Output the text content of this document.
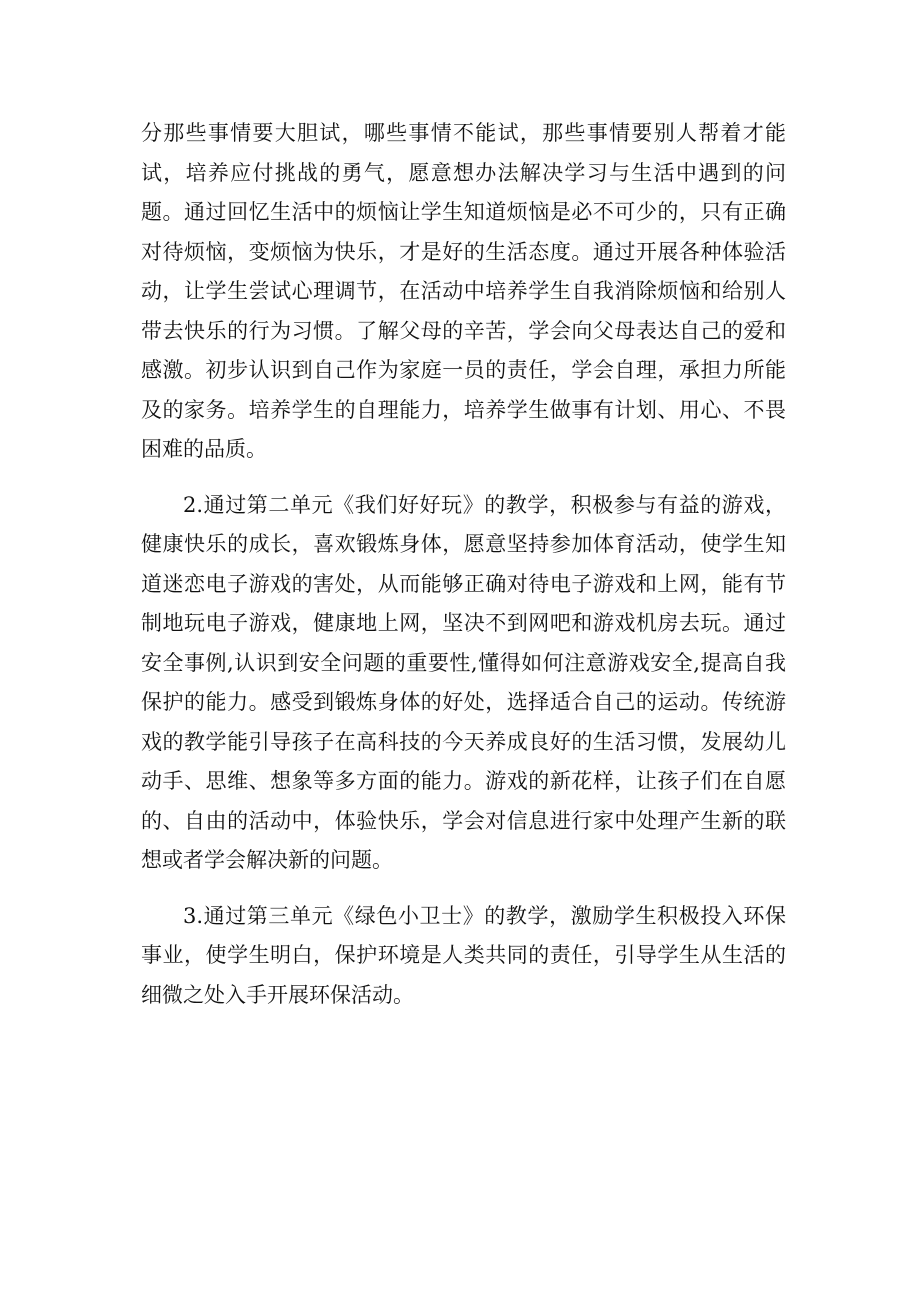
分那些事情要大胆试，哪些事情不能试，那些事情要别人帮着才能试，培养应付挑战的勇气，愿意想办法解决学习与生活中遇到的问题。通过回忆生活中的烦恼让学生知道烦恼是必不可少的，只有正确对待烦恼，变烦恼为快乐，才是好的生活态度。通过开展各种体验活动，让学生尝试心理调节，在活动中培养学生自我消除烦恼和给别人带去快乐的行为习惯。了解父母的辛苦，学会向父母表达自己的爱和感激。初步认识到自己作为家庭一员的责任，学会自理，承担力所能及的家务。培养学生的自理能力，培养学生做事有计划、用心、不畏困难的品质。

2.通过第二单元《我们好好玩》的教学，积极参与有益的游戏，健康快乐的成长，喜欢锻炼身体，愿意坚持参加体育活动，使学生知道迷恋电子游戏的害处，从而能够正确对待电子游戏和上网，能有节制地玩电子游戏，健康地上网，坚决不到网吧和游戏机房去玩。通过安全事例,认识到安全问题的重要性,懂得如何注意游戏安全,提高自我保护的能力。感受到锻炼身体的好处，选择适合自己的运动。传统游戏的教学能引导孩子在高科技的今天养成良好的生活习惯，发展幼儿动手、思维、想象等多方面的能力。游戏的新花样，让孩子们在自愿的、自由的活动中，体验快乐，学会对信息进行家中处理产生新的联想或者学会解决新的问题。

3.通过第三单元《绿色小卫士》的教学，激励学生积极投入环保事业，使学生明白，保护环境是人类共同的责任，引导学生从生活的细微之处入手开展环保活动。
